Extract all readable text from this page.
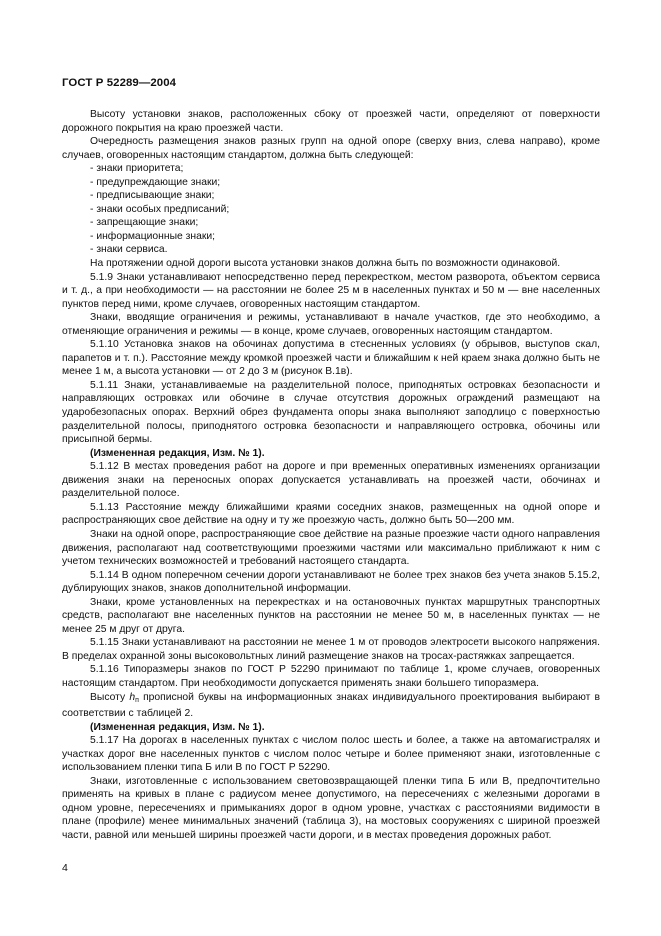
ГОСТ Р 52289—2004

Высоту установки знаков, расположенных сбоку от проезжей части, определяют от поверхности дорожного покрытия на краю проезжей части.

Очередность размещения знаков разных групп на одной опоре (сверху вниз, слева направо), кроме случаев, оговоренных настоящим стандартом, должна быть следующей:

- знаки приоритета;

- предупреждающие знаки;

- предписывающие знаки;

- знаки особых предписаний;

- запрещающие знаки;

- информационные знаки;

- знаки сервиса.

На протяжении одной дороги высота установки знаков должна быть по возможности одинаковой.

5.1.9 Знаки устанавливают непосредственно перед перекрестком, местом разворота, объектом сервиса и т. д., а при необходимости — на расстоянии не более 25 м в населенных пунктах и 50 м — вне населенных пунктов перед ними, кроме случаев, оговоренных настоящим стандартом.

Знаки, вводящие ограничения и режимы, устанавливают в начале участков, где это необходимо, а отменяющие ограничения и режимы — в конце, кроме случаев, оговоренных настоящим стандартом.

5.1.10 Установка знаков на обочинах допустима в стесненных условиях (у обрывов, выступов скал, парапетов и т. п.). Расстояние между кромкой проезжей части и ближайшим к ней краем знака должно быть не менее 1 м, а высота установки — от 2 до 3 м (рисунок В.1в).

5.1.11 Знаки, устанавливаемые на разделительной полосе, приподнятых островках безопасности и направляющих островках или обочине в случае отсутствия дорожных ограждений размещают на ударобезопасных опорах. Верхний обрез фундамента опоры знака выполняют заподлицо с поверхностью разделительной полосы, приподнятого островка безопасности и направляющего островка, обочины или присыпной бермы.

(Измененная редакция, Изм. № 1).

5.1.12 В местах проведения работ на дороге и при временных оперативных изменениях организации движения знаки на переносных опорах допускается устанавливать на проезжей части, обочинах и разделительной полосе.

5.1.13 Расстояние между ближайшими краями соседних знаков, размещенных на одной опоре и распространяющих свое действие на одну и ту же проезжую часть, должно быть 50—200 мм.

Знаки на одной опоре, распространяющие свое действие на разные проезжие части одного направления движения, располагают над соответствующими проезжими частями или максимально приближают к ним с учетом технических возможностей и требований настоящего стандарта.

5.1.14 В одном поперечном сечении дороги устанавливают не более трех знаков без учета знаков 5.15.2, дублирующих знаков, знаков дополнительной информации.

Знаки, кроме установленных на перекрестках и на остановочных пунктах маршрутных транспортных средств, располагают вне населенных пунктов на расстоянии не менее 50 м, в населенных пунктах — не менее 25 м друг от друга.

5.1.15 Знаки устанавливают на расстоянии не менее 1 м от проводов электросети высокого напряжения. В пределах охранной зоны высоковольтных линий размещение знаков на тросах-растяжках запрещается.

5.1.16 Типоразмеры знаков по ГОСТ Р 52290 принимают по таблице 1, кроме случаев, оговоренных настоящим стандартом. При необходимости допускается применять знаки большего типоразмера.

Высоту $h_п$ прописной буквы на информационных знаках индивидуального проектирования выбирают в соответствии с таблицей 2.

(Измененная редакция, Изм. № 1).

5.1.17 На дорогах в населенных пунктах с числом полос шесть и более, а также на автомагистралях и участках дорог вне населенных пунктов с числом полос четыре и более применяют знаки, изготовленные с использованием пленки типа Б или В по ГОСТ Р 52290.

Знаки, изготовленные с использованием световозвращающей пленки типа Б или В, предпочтительно применять на кривых в плане с радиусом менее допустимого, на пересечениях с железными дорогами в одном уровне, пересечениях и примыканиях дорог в одном уровне, участках с расстояниями видимости в плане (профиле) менее минимальных значений (таблица 3), на мостовых сооружениях с шириной проезжей части, равной или меньшей ширины проезжей части дороги, и в местах проведения дорожных работ.

4
